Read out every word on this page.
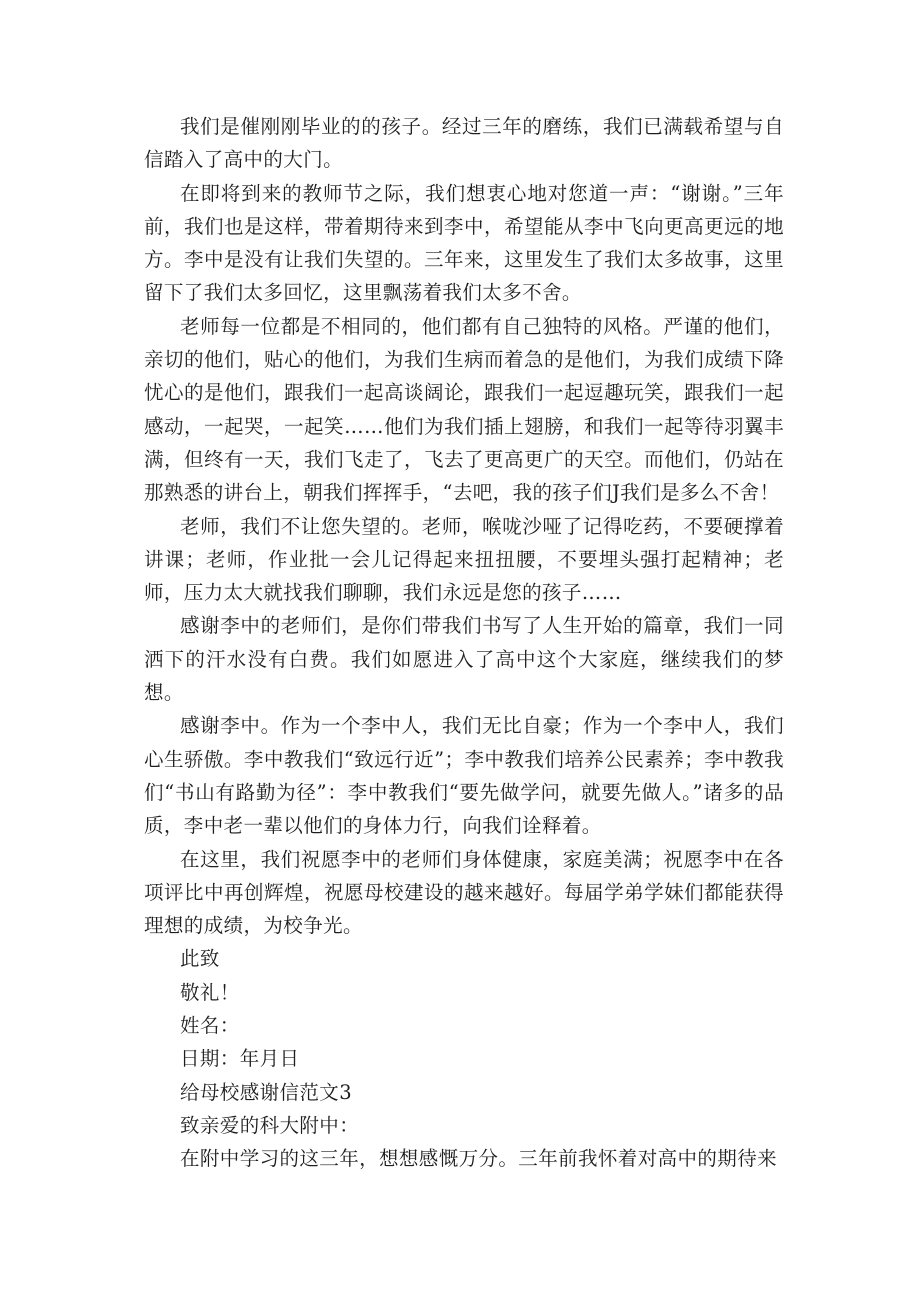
我们是催刚刚毕业的的孩子。经过三年的磨练，我们已满载希望与自信踏入了高中的大门。

在即将到来的教师节之际，我们想衷心地对您道一声：“谢谢。”三年前，我们也是这样，带着期待来到李中，希望能从李中飞向更高更远的地方。李中是没有让我们失望的。三年来，这里发生了我们太多故事，这里留下了我们太多回忆，这里飘荡着我们太多不舍。

老师每一位都是不相同的，他们都有自己独特的风格。严谨的他们，亲切的他们，贴心的他们，为我们生病而着急的是他们，为我们成绩下降忧心的是他们，跟我们一起高谈阔论，跟我们一起逗趣玩笑，跟我们一起感动，一起哭，一起笑……他们为我们插上翅膀，和我们一起等待羽翼丰满，但终有一天，我们飞走了，飞去了更高更广的天空。而他们，仍站在那熟悉的讲台上，朝我们挥挥手，“去吧，我的孩子们J我们是多么不舍！

老师，我们不让您失望的。老师，喉咙沙哑了记得吃药，不要硬撑着讲课；老师，作业批一会儿记得起来扭扭腰，不要埋头强打起精神；老师，压力太大就找我们聊聊，我们永远是您的孩子……

感谢李中的老师们，是你们带我们书写了人生开始的篇章，我们一同洒下的汗水没有白费。我们如愿进入了高中这个大家庭，继续我们的梦想。

感谢李中。作为一个李中人，我们无比自豪；作为一个李中人，我们心生骄傲。李中教我们“致远行近”；李中教我们培养公民素养；李中教我们“书山有路勤为径”：李中教我们“要先做学问，就要先做人。”诸多的品质，李中老一辈以他们的身体力行，向我们诠释着。

在这里，我们祝愿李中的老师们身体健康，家庭美满；祝愿李中在各项评比中再创辉煌，祝愿母校建设的越来越好。每届学弟学妹们都能获得理想的成绩，为校争光。

此致

敬礼！

姓名：

日期：年月日

给母校感谢信范文3

致亲爱的科大附中：

在附中学习的这三年，想想感慨万分。三年前我怀着对高中的期待来
